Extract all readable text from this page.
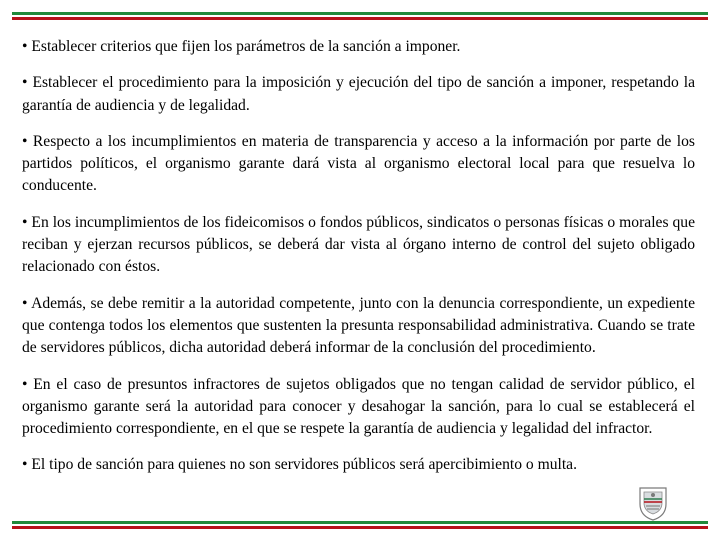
• Establecer criterios que fijen los parámetros de la sanción a imponer.

• Establecer el procedimiento para la imposición y ejecución del tipo de sanción a imponer, respetando la garantía de audiencia y de legalidad.

• Respecto a los incumplimientos en materia de transparencia y acceso a la información por parte de los partidos políticos, el organismo garante dará vista al organismo electoral local para que resuelva lo conducente.

• En los incumplimientos de los fideicomisos o fondos públicos, sindicatos o personas físicas o morales que reciban y ejerzan recursos públicos, se deberá dar vista al órgano interno de control del sujeto obligado relacionado con éstos.

• Además, se debe remitir a la autoridad competente, junto con la denuncia correspondiente, un expediente que contenga todos los elementos que sustenten la presunta responsabilidad administrativa. Cuando se trate de servidores públicos, dicha autoridad deberá informar de la conclusión del procedimiento.

• En el caso de presuntos infractores de sujetos obligados que no tengan calidad de servidor público, el organismo garante será la autoridad para conocer y desahogar la sanción, para lo cual se establecerá el procedimiento correspondiente, en el que se respete la garantía de audiencia y legalidad del infractor.

• El tipo de sanción para quienes no son servidores públicos será apercibimiento o multa.
